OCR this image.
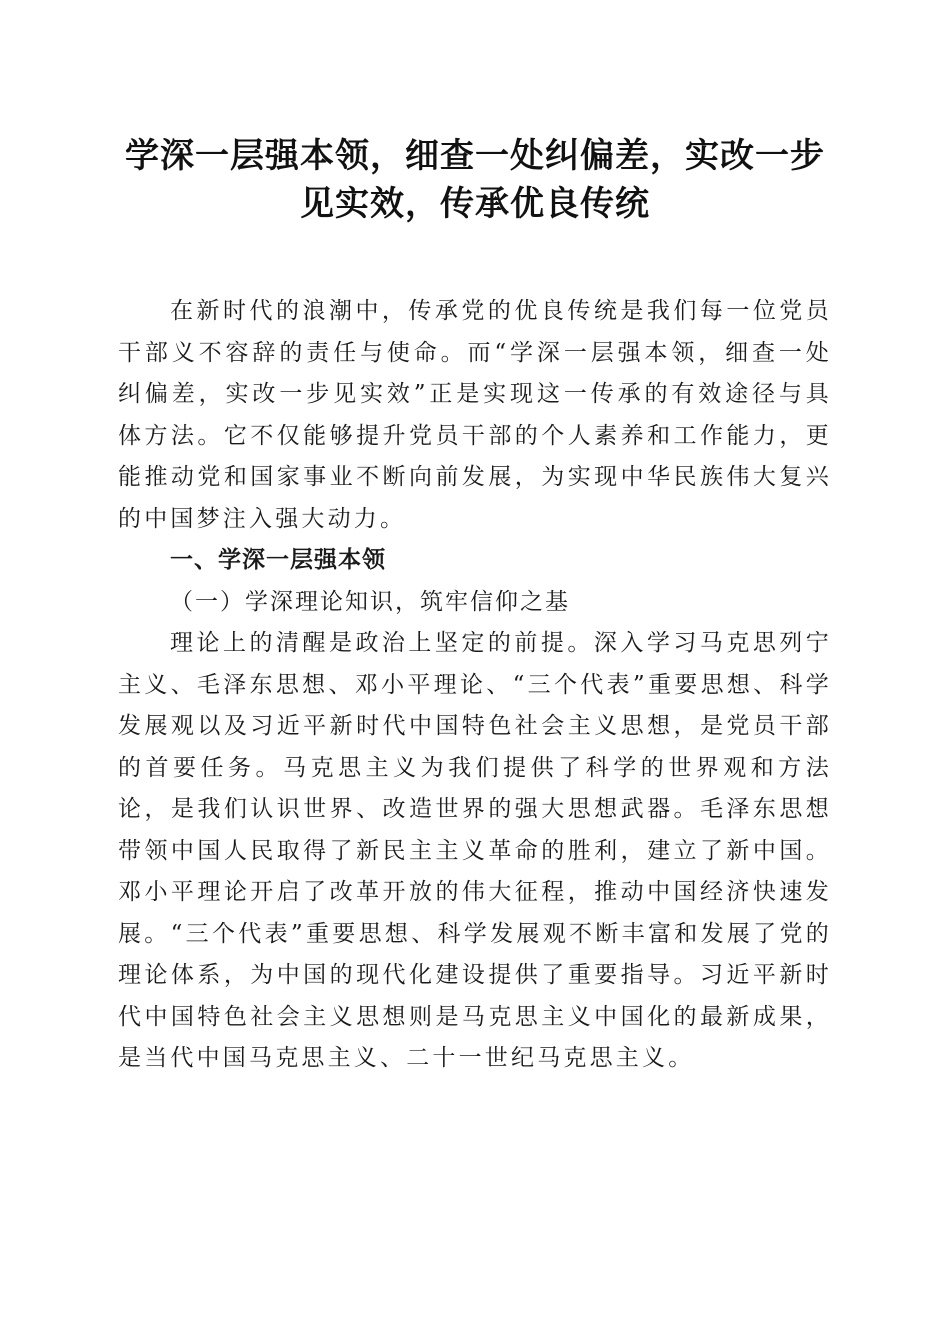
学深一层强本领，细查一处纠偏差，实改一步
见实效，传承优良传统

在新时代的浪潮中，传承党的优良传统是我们每一位党员干部义不容辞的责任与使命。而“学深一层强本领，细查一处纠偏差，实改一步见实效”正是实现这一传承的有效途径与具体方法。它不仅能够提升党员干部的个人素养和工作能力，更能推动党和国家事业不断向前发展，为实现中华民族伟大复兴的中国梦注入强大动力。

一、学深一层强本领

（一）学深理论知识，筑牢信仰之基

理论上的清醒是政治上坚定的前提。深入学习马克思列宁主义、毛泽东思想、邓小平理论、“三个代表”重要思想、科学发展观以及习近平新时代中国特色社会主义思想，是党员干部的首要任务。马克思主义为我们提供了科学的世界观和方法论，是我们认识世界、改造世界的强大思想武器。毛泽东思想带领中国人民取得了新民主主义革命的胜利，建立了新中国。邓小平理论开启了改革开放的伟大征程，推动中国经济快速发展。“三个代表”重要思想、科学发展观不断丰富和发展了党的理论体系，为中国的现代化建设提供了重要指导。习近平新时代中国特色社会主义思想则是马克思主义中国化的最新成果，是当代中国马克思主义、二十一世纪马克思主义。
